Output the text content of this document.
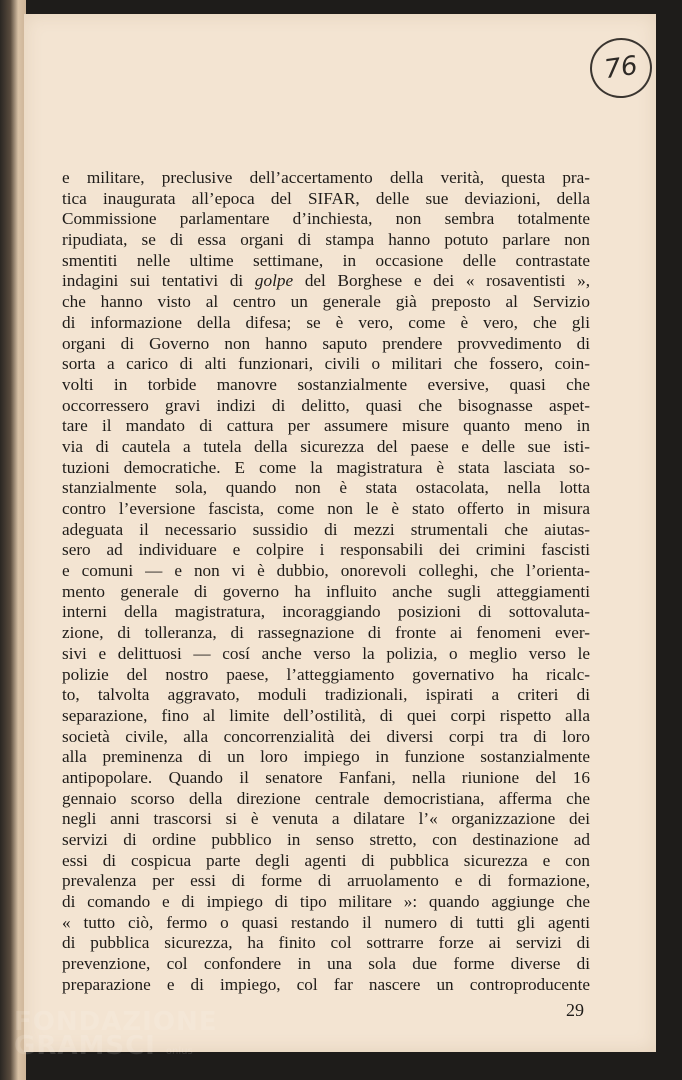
76
e militare, preclusive dell’accertamento della verità, questa pra-
tica inaugurata all’epoca del SIFAR, delle sue deviazioni, della
Commissione parlamentare d’inchiesta, non sembra totalmente
ripudiata, se di essa organi di stampa hanno potuto parlare non
smentiti nelle ultime settimane, in occasione delle contrastate
indagini sui tentativi di golpe del Borghese e dei « rosaventisti »,
che hanno visto al centro un generale già preposto al Servizio
di informazione della difesa; se è vero, come è vero, che gli
organi di Governo non hanno saputo prendere provvedimento di
sorta a carico di alti funzionari, civili o militari che fossero, coin-
volti in torbide manovre sostanzialmente eversive, quasi che
occorressero gravi indizi di delitto, quasi che bisognasse aspet-
tare il mandato di cattura per assumere misure quanto meno in
via di cautela a tutela della sicurezza del paese e delle sue isti-
tuzioni democratiche. E come la magistratura è stata lasciata so-
stanzialmente sola, quando non è stata ostacolata, nella lotta
contro l’eversione fascista, come non le è stato offerto in misura
adeguata il necessario sussidio di mezzi strumentali che aiutas-
sero ad individuare e colpire i responsabili dei crimini fascisti
e comuni — e non vi è dubbio, onorevoli colleghi, che l’orienta-
mento generale di governo ha influito anche sugli atteggiamenti
interni della magistratura, incoraggiando posizioni di sottovaluta-
zione, di tolleranza, di rassegnazione di fronte ai fenomeni ever-
sivi e delittuosi — cosí anche verso la polizia, o meglio verso le
polizie del nostro paese, l’atteggiamento governativo ha ricalc-
to, talvolta aggravato, moduli tradizionali, ispirati a criteri di
separazione, fino al limite dell’ostilità, di quei corpi rispetto alla
società civile, alla concorrenzialità dei diversi corpi tra di loro
alla preminenza di un loro impiego in funzione sostanzialmente
antipopolare. Quando il senatore Fanfani, nella riunione del 16
gennaio scorso della direzione centrale democristiana, afferma che
negli anni trascorsi si è venuta a dilatare l’« organizzazione dei
servizi di ordine pubblico in senso stretto, con destinazione ad
essi di cospicua parte degli agenti di pubblica sicurezza e con
prevalenza per essi di forme di arruolamento e di formazione,
di comando e di impiego di tipo militare »: quando aggiunge che
« tutto ciò, fermo o quasi restando il numero di tutti gli agenti
di pubblica sicurezza, ha finito col sottrarre forze ai servizi di
prevenzione, col confondere in una sola due forme diverse di
preparazione e di impiego, col far nascere un controproducente
29
FONDAZIONE
GRAMSCI onlus
